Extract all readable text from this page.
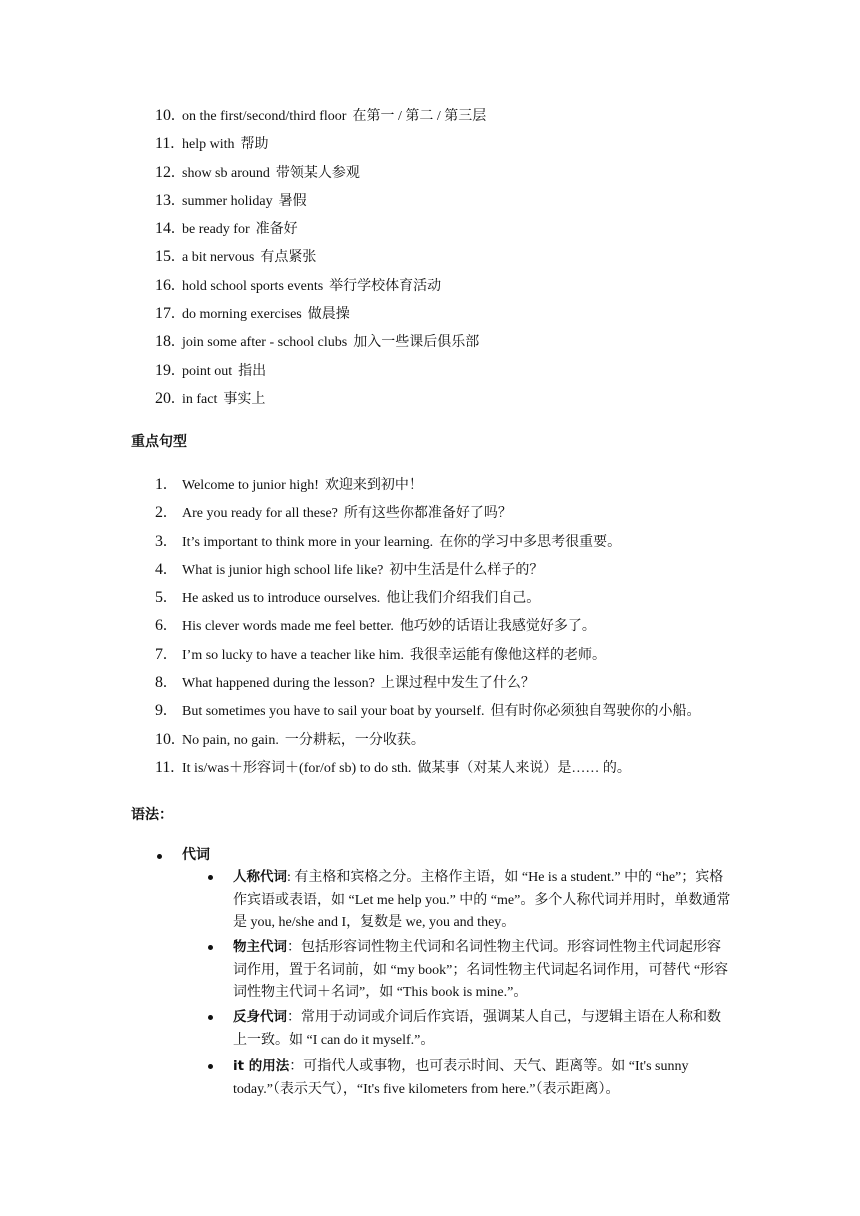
10. on the first/second/third floor 在第一 / 第二 / 第三层
11. help with 帮助
12. show sb around 带领某人参观
13. summer holiday 暑假
14. be ready for 准备好
15. a bit nervous 有点紧张
16. hold school sports events 举行学校体育活动
17. do morning exercises 做晨操
18. join some after - school clubs 加入一些课后俱乐部
19. point out 指出
20. in fact 事实上
重点句型
1. Welcome to junior high! 欢迎来到初中！
2. Are you ready for all these? 所有这些你都准备好了吗？
3. It’s important to think more in your learning. 在你的学习中多思考很重要。
4. What is junior high school life like? 初中生活是什么样子的？
5. He asked us to introduce ourselves. 他让我们介绍我们自己。
6. His clever words made me feel better. 他巧妙的话语让我感觉好多了。
7. I’m so lucky to have a teacher like him. 我很幸运能有像他这样的老师。
8. What happened during the lesson? 上课过程中发生了什么？
9. But sometimes you have to sail your boat by yourself. 但有时你必须独自驾驶你的小船。
10. No pain, no gain. 一分耕耘，一分收获。
11. It is/was＋形容词＋(for/of sb) to do sth. 做某事（对某人来说）是…… 的。
语法：
代词
人称代词: 有主格和宾格之分。主格作主语，如 “He is a student.” 中的 “he”；宾格作宾语或表语，如 “Let me help you.” 中的 “me”。多个人称代词并用时，单数通常是 you, he/she and I，复数是 we, you and they。
物主代词：包括形容词性物主代词和名词性物主代词。形容词性物主代词起形容词作用，置于名词前，如 “my book”；名词性物主代词起名词作用，可替代 “形容词性物主代词＋名词”，如 “This book is mine.”。
反身代词：常用于动词或介词后作宾语，强调某人自己，与逻辑主语在人称和数上一致。如 “I can do it myself.”。
it 的用法：可指代人或事物，也可表示时间、天气、距离等。如 “It's sunny today.”（表示天气），“It's five kilometers from here.”（表示距离）。
